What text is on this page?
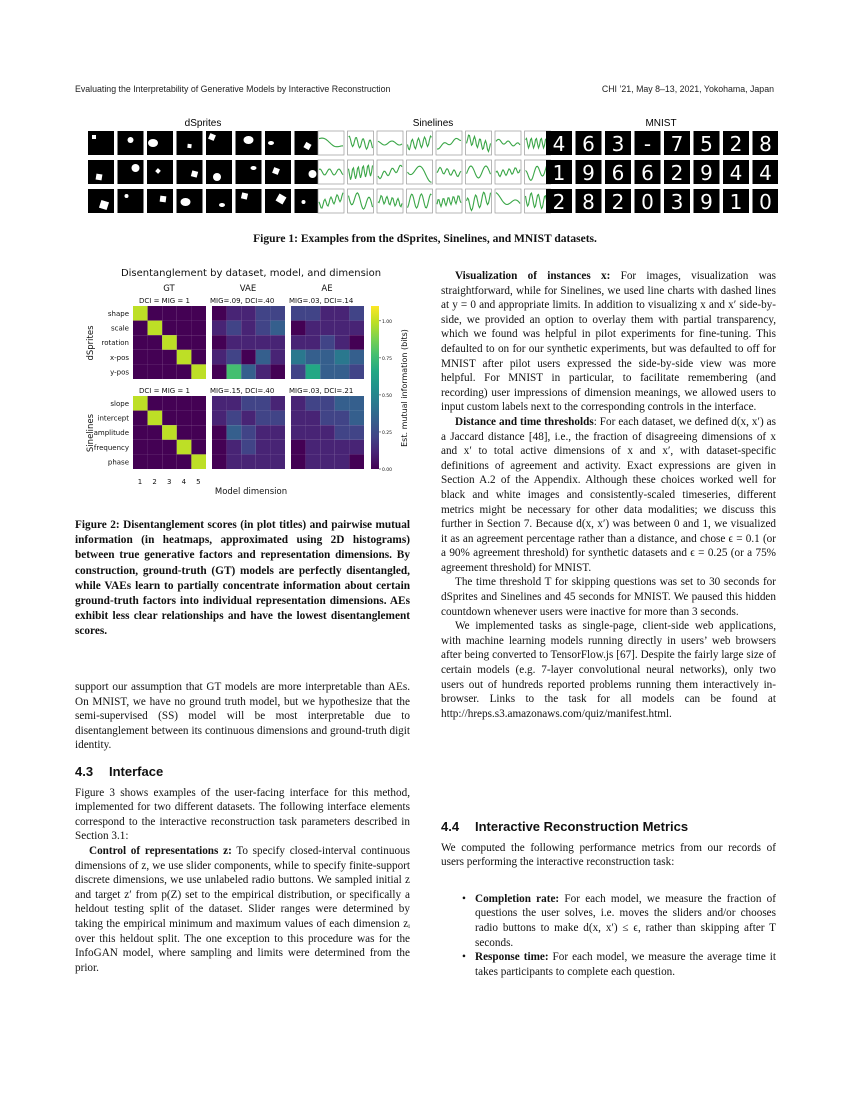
Evaluating the Interpretability of Generative Models by Interactive Reconstruction	CHI ’21, May 8–13, 2021, Yokohama, Japan
dSprites	Sinelines	MNIST
4 6 3 - 7 5 2 8
1 9 6 6 2 9 4 4
2 8 2 0 3 9 1 0
Figure 1: Examples from the dSprites, Sinelines, and MNIST datasets.
Disentanglement by dataset, model, and dimension
GT	VAE	AE
DCI = MIG = 1	MIG=.09, DCI=.40 MIG=.03, DCI=.14
shape
scale
rotation
x-pos
y-pos
dSprites
DCI = MIG = 1	MIG=.15, DCI=.40 MIG=.03, DCI=.21
slope
intercept
amplitude
frequency
phase
Sinelines
1 2 3 4 5
Model dimension
1.00
0.75
0.50
0.25
0.00
Est. mutual information (bits)
Figure 2: Disentanglement scores (in plot titles) and pairwise mutual information (in heatmaps, approximated using 2D histograms) between true generative factors and representation dimensions. By construction, ground-truth (GT) models are perfectly disentangled, while VAEs learn to partially concentrate information about certain ground-truth factors into individual representation dimensions. AEs exhibit less clear relationships and have the lowest disentanglement scores.

support our assumption that GT models are more interpretable than AEs. On MNIST, we have no ground truth model, but we hypothesize that the semi-supervised (SS) model will be most interpretable due to disentanglement between its continuous dimensions and ground-truth digit identity.

4.3 Interface

Figure 3 shows examples of the user-facing interface for this method, implemented for two different datasets. The following interface elements correspond to the interactive reconstruction task parameters described in Section 3.1:

Control of representations z: To specify closed-interval continuous dimensions of z, we use slider components, while to specify finite-support discrete dimensions, we use unlabeled radio buttons. We sampled initial z and target z′ from p(Z) set to the empirical distribution, or specifically a heldout testing split of the dataset. Slider ranges were determined by taking the empirical minimum and maximum values of each dimension zᵢ over this heldout split. The one exception to this procedure was for the InfoGAN model, where sampling and limits were determined from the prior.

Visualization of instances x: For images, visualization was straightforward, while for Sinelines, we used line charts with dashed lines at y = 0 and appropriate limits. In addition to visualizing x and x′ side-by-side, we provided an option to overlay them with partial transparency, which we found was helpful in pilot experiments for fine-tuning. This defaulted to on for our synthetic experiments, but was defaulted to off for MNIST after pilot users expressed the side-by-side view was more helpful. For MNIST in particular, to facilitate remembering (and recording) user impressions of dimension meanings, we allowed users to input custom labels next to the corresponding controls in the interface.

Distance and time thresholds: For each dataset, we defined d(x, x′) as a Jaccard distance [48], i.e., the fraction of disagreeing dimensions of x and x′ to total active dimensions of x and x′, with dataset-specific definitions of agreement and activity. Exact expressions are given in Section A.2 of the Appendix. Although these choices worked well for black and white images and consistently-scaled timeseries, different metrics might be necessary for other data modalities; we discuss this further in Section 7. Because d(x, x′) was between 0 and 1, we visualized it as an agreement percentage rather than a distance, and chose ϵ = 0.1 (or a 90% agreement threshold) for synthetic datasets and ϵ = 0.25 (or a 75% agreement threshold) for MNIST.

The time threshold T for skipping questions was set to 30 seconds for dSprites and Sinelines and 45 seconds for MNIST. We paused this hidden countdown whenever users were inactive for more than 3 seconds.

We implemented tasks as single-page, client-side web applications, with machine learning models running directly in users’ web browsers after being converted to TensorFlow.js [67]. Despite the fairly large size of certain models (e.g. 7-layer convolutional neural networks), only two users out of hundreds reported problems running them interactively in-browser. Links to the task for all models can be found at http://hreps.s3.amazonaws.com/quiz/manifest.html.

4.4 Interactive Reconstruction Metrics

We computed the following performance metrics from our records of users performing the interactive reconstruction task:

• Completion rate: For each model, we measure the fraction of questions the user solves, i.e. moves the sliders and/or chooses radio buttons to make d(x, x′) ≤ ϵ, rather than skipping after T seconds.
• Response time: For each model, we measure the average time it takes participants to complete each question.
